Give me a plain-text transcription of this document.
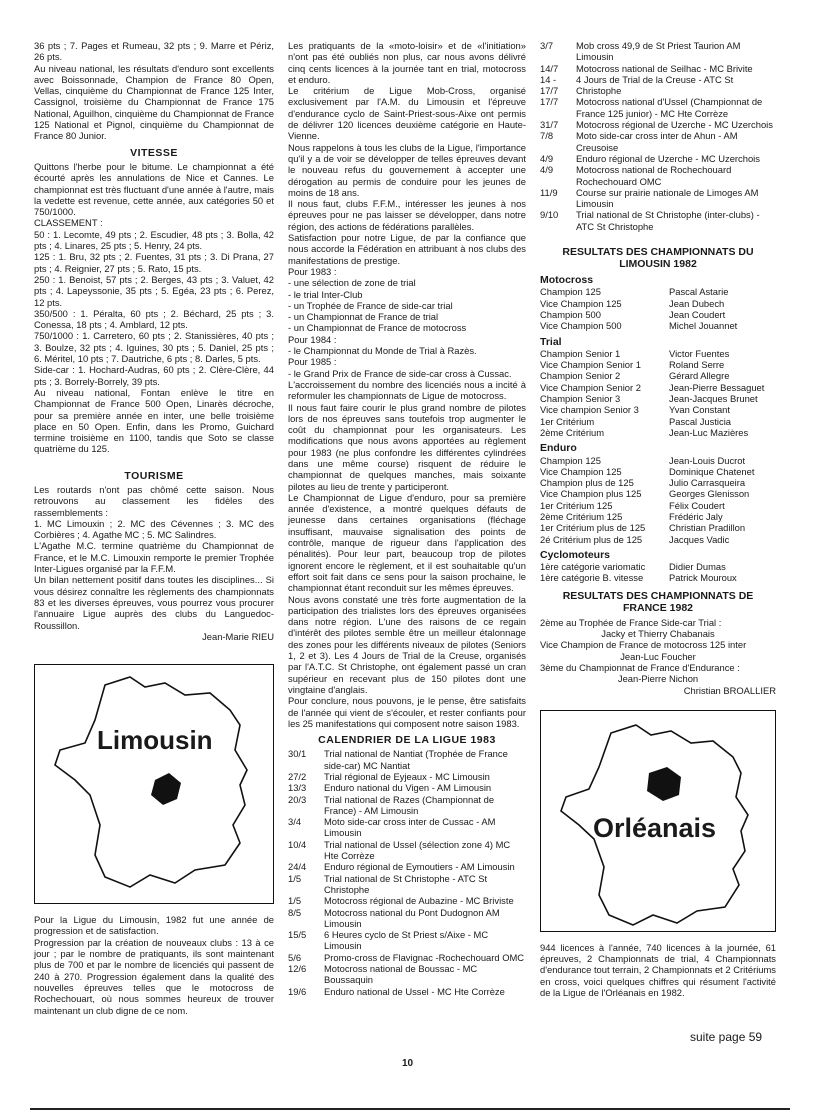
36 pts ; 7. Pages et Rumeau, 32 pts ; 9. Marre et Périz, 26 pts.

Au niveau national, les résultats d'enduro sont excellents avec Boissonnade, Champion de France 80 Open, Vellas, cinquième du Championnat de France 125 Inter, Cassignol, troisième du Championnat de France 175 National, Aguilhon, cinquième du Championnat de France 125 National et Pignol, cinquième du Championnat de France 80 Junior.

VITESSE

Quittons l'herbe pour le bitume. Le championnat a été écourté après les annulations de Nice et Cannes. Le championnat est très fluctuant d'une année à l'autre, mais la vedette est revenue, cette année, aux catégories 50 et 750/1000.

CLASSEMENT :

50 : 1. Lecomte, 49 pts ; 2. Escudier, 48 pts ; 3. Bolla, 42 pts ; 4. Linares, 25 pts ; 5. Henry, 24 pts.

125 : 1. Bru, 32 pts ; 2. Fuentes, 31 pts ; 3. Di Prana, 27 pts ; 4. Reignier, 27 pts ; 5. Rato, 15 pts.

250 : 1. Benoist, 57 pts ; 2. Berges, 43 pts ; 3. Valuet, 42 pts ; 4. Lapeyssonie, 35 pts ; 5. Egéa, 23 pts ; 6. Perez, 12 pts.

350/500 : 1. Péralta, 60 pts ; 2. Béchard, 25 pts ; 3. Conessa, 18 pts ; 4. Amblard, 12 pts.

750/1000 : 1. Carretero, 60 pts ; 2. Stanissières, 40 pts ; 3. Boulze, 32 pts ; 4. Iguines, 30 pts ; 5. Daniel, 25 pts ; 6. Méritel, 10 pts ; 7. Dautriche, 6 pts ; 8. Darles, 5 pts.

Side-car : 1. Hochard-Audras, 60 pts ; 2. Clère-Clère, 44 pts ; 3. Borrely-Borrely, 39 pts.

Au niveau national, Fontan enlève le titre en Championnat de France 500 Open, Linarès décroche, pour sa première année en inter, une belle troisième place en 50 Open. Enfin, dans les Promo, Guichard termine troisième en 1100, tandis que Soto se classe quatrième du 125.

TOURISME

Les routards n'ont pas chômé cette saison. Nous retrouvons au classement les fidèles des rassemblements :

1. MC Limouxin ; 2. MC des Cévennes ; 3. MC des Corbières ; 4. Agathe MC ; 5. MC Salindres.

L'Agathe M.C. termine quatrième du Championnat de France, et le M.C. Limouxin remporte le premier Trophée Inter-Ligues organisé par la F.F.M.

Un bilan nettement positif dans toutes les disciplines... Si vous désirez connaître les règlements des championnats 83 et les diverses épreuves, vous pourrez vous procurer l'annuaire Ligue auprès des clubs du Languedoc-Roussillon.

Jean-Marie RIEU

Limousin

Pour la Ligue du Limousin, 1982 fut une année de progression et de satisfaction.

Progression par la création de nouveaux clubs : 13 à ce jour ; par le nombre de pratiquants, ils sont maintenant plus de 700 et par le nombre de licenciés qui passent de 240 à 270. Progression également dans la qualité des nouvelles épreuves telles que le motocross de Rochechouart, où nous sommes heureux de trouver maintenant un club digne de ce nom.

Les pratiquants de la «moto-loisir» et de «l'initiation» n'ont pas été oubliés non plus, car nous avons délivré cinq cents licences à la journée tant en trial, motocross et enduro.

Le critérium de Ligue Mob-Cross, organisé exclusivement par l'A.M. du Limousin et l'épreuve d'endurance cyclo de Saint-Priest-sous-Aixe ont permis de délivrer 120 licences deuxième catégorie en Haute-Vienne.

Nous rappelons à tous les clubs de la Ligue, l'importance qu'il y a de voir se développer de telles épreuves devant le nouveau refus du gouvernement à accepter une dérogation au permis de conduire pour les jeunes de moins de 18 ans.

Il nous faut, clubs F.F.M., intéresser les jeunes à nos épreuves pour ne pas laisser se développer, dans notre région, des actions de fédérations parallèles.

Satisfaction pour notre Ligue, de par la confiance que nous accorde la Fédération en attribuant à nos clubs des manifestations de prestige.

Pour 1983 :

- une sélection de zone de trial

- le trial Inter-Club

- un Trophée de France de side-car trial

- un Championnat de France de trial

- un Championnat de France de motocross

Pour 1984 :

- le Championnat du Monde de Trial à Razès.

Pour 1985 :

- le Grand Prix de France de side-car cross à Cussac.

L'accroissement du nombre des licenciés nous a incité à reformuler les championnats de Ligue de motocross.

Il nous faut faire courir le plus grand nombre de pilotes lors de nos épreuves sans toutefois trop augmenter le coût du championnat pour les organisateurs. Les modifications que nous avons apportées au règlement pour 1983 (ne plus confondre les différentes cylindrées dans une même course) risquent de réduire le championnat de quelques manches, mais soixante pilotes au lieu de trente y participeront.

Le Championnat de Ligue d'enduro, pour sa première année d'existence, a montré quelques défauts de jeunesse dans certaines organisations (fléchage insuffisant, mauvaise signalisation des points de contrôle, manque de rigueur dans l'application des pénalités). Pour leur part, beaucoup trop de pilotes ignorent encore le règlement, et il est souhaitable qu'un effort soit fait dans ce sens pour la saison prochaine, le championnat étant reconduit sur les mêmes épreuves.

Nous avons constaté une très forte augmentation de la participation des trialistes lors des épreuves organisées dans notre région. L'une des raisons de ce regain d'intérêt des pilotes semble être un meilleur étalonnage des zones pour les différents niveaux de pilotes (Seniors 1, 2 et 3). Les 4 Jours de Trial de la Creuse, organisés par l'A.T.C. St Christophe, ont également passé un cran supérieur en recevant plus de 150 pilotes dont une vingtaine d'anglais.

Pour conclure, nous pouvons, je le pense, être satisfaits de l'année qui vient de s'écouler, et rester confiants pour les 25 manifestations qui composent notre saison 1983.

CALENDRIER DE LA LIGUE 1983
30/1	Trial national de Nantiat (Trophée de France side-car) MC Nantiat
27/2	Trial régional de Eyjeaux - MC Limousin
13/3	Enduro national du Vigen - AM Limousin
20/3	Trial national de Razes (Championnat de France) - AM Limousin
3/4	Moto side-car cross inter de Cussac - AM Limousin
10/4	Trial national de Ussel (sélection zone 4) MC Hte Corrèze
24/4	Enduro régional de Eymoutiers - AM Limousin
1/5	Trial national de St Christophe - ATC St Christophe
1/5	Motocross régional de Aubazine - MC Briviste
8/5	Motocross national du Pont Dudognon AM Limousin
15/5	6 Heures cyclo de St Priest s/Aixe - MC Limousin
5/6	Promo-cross de Flavignac -Rochechouard OMC
12/6	Motocross national de Boussac - MC Boussaquin
19/6	Enduro national de Ussel - MC Hte Corrèze
3/7	Mob cross 49,9 de St Priest Taurion AM Limousin
14/7	Motocross national de Seilhac - MC Brivite
14 -	4 Jours de Trial de la Creuse - ATC St
17/7	Christophe
17/7	Motocross national d'Ussel (Championnat de France 125 junior) - MC Hte Corrèze
31/7	Motocross régional de Uzerche - MC Uzerchois
7/8	Moto side-car cross inter de Ahun - AM Creusoise
4/9	Enduro régional de Uzerche - MC Uzerchois
4/9	Motocross national de Rochechouard Rochechouard OMC
11/9	Course sur prairie nationale de Limoges AM Limousin
9/10	Trial national de St Christophe (inter-clubs) - ATC St Christophe
RESULTATS DES CHAMPIONNATS DU LIMOUSIN 1982
Motocross
Champion 125	Pascal Astarie
Vice Champion 125	Jean Dubech
Champion 500	Jean Coudert
Vice Champion 500	Michel Jouannet
Trial
Champion Senior 1	Victor Fuentes
Vice Champion Senior 1	Roland Serre
Champion Senior 2	Gérard Allegre
Vice Champion Senior 2	Jean-Pierre Bessaguet
Champion Senior 3	Jean-Jacques Brunet
Vice champion Senior 3	Yvan Constant
1er Critérium	Pascal Justicia
2ème Critérium	Jean-Luc Mazières
Enduro
Champion 125	Jean-Louis Ducrot
Vice Champion 125	Dominique Chatenet
Champion plus de 125	Julio Carrasqueira
Vice Champion plus 125	Georges Glenisson
1er Critérium 125	Félix Coudert
2ème Critérium 125	Frédéric Jaly
1er Critérium plus de 125	Christian Pradillon
2é Critérium plus de 125	Jacques Vadic
Cyclomoteurs
1ère catégorie variomatic	Didier Dumas
1ère catégorie B. vitesse	Patrick Mouroux
RESULTATS DES CHAMPIONNATS DE FRANCE 1982

2ème au Trophée de France Side-car Trial :

Jacky et Thierry Chabanais

Vice Champion de France de motocross 125 inter

Jean-Luc Foucher

3ème du Championnat de France d'Endurance :

Jean-Pierre Nichon

Christian BROALLIER

Orléanais

944 licences à l'année, 740 licences à la journée, 61 épreuves, 2 Championnats de trial, 4 Championnats d'endurance tout terrain, 2 Championnats et 2 Critériums en cross, voici quelques chiffres qui résument l'activité de la Ligue de l'Orléanais en 1982.

suite page 59
10
